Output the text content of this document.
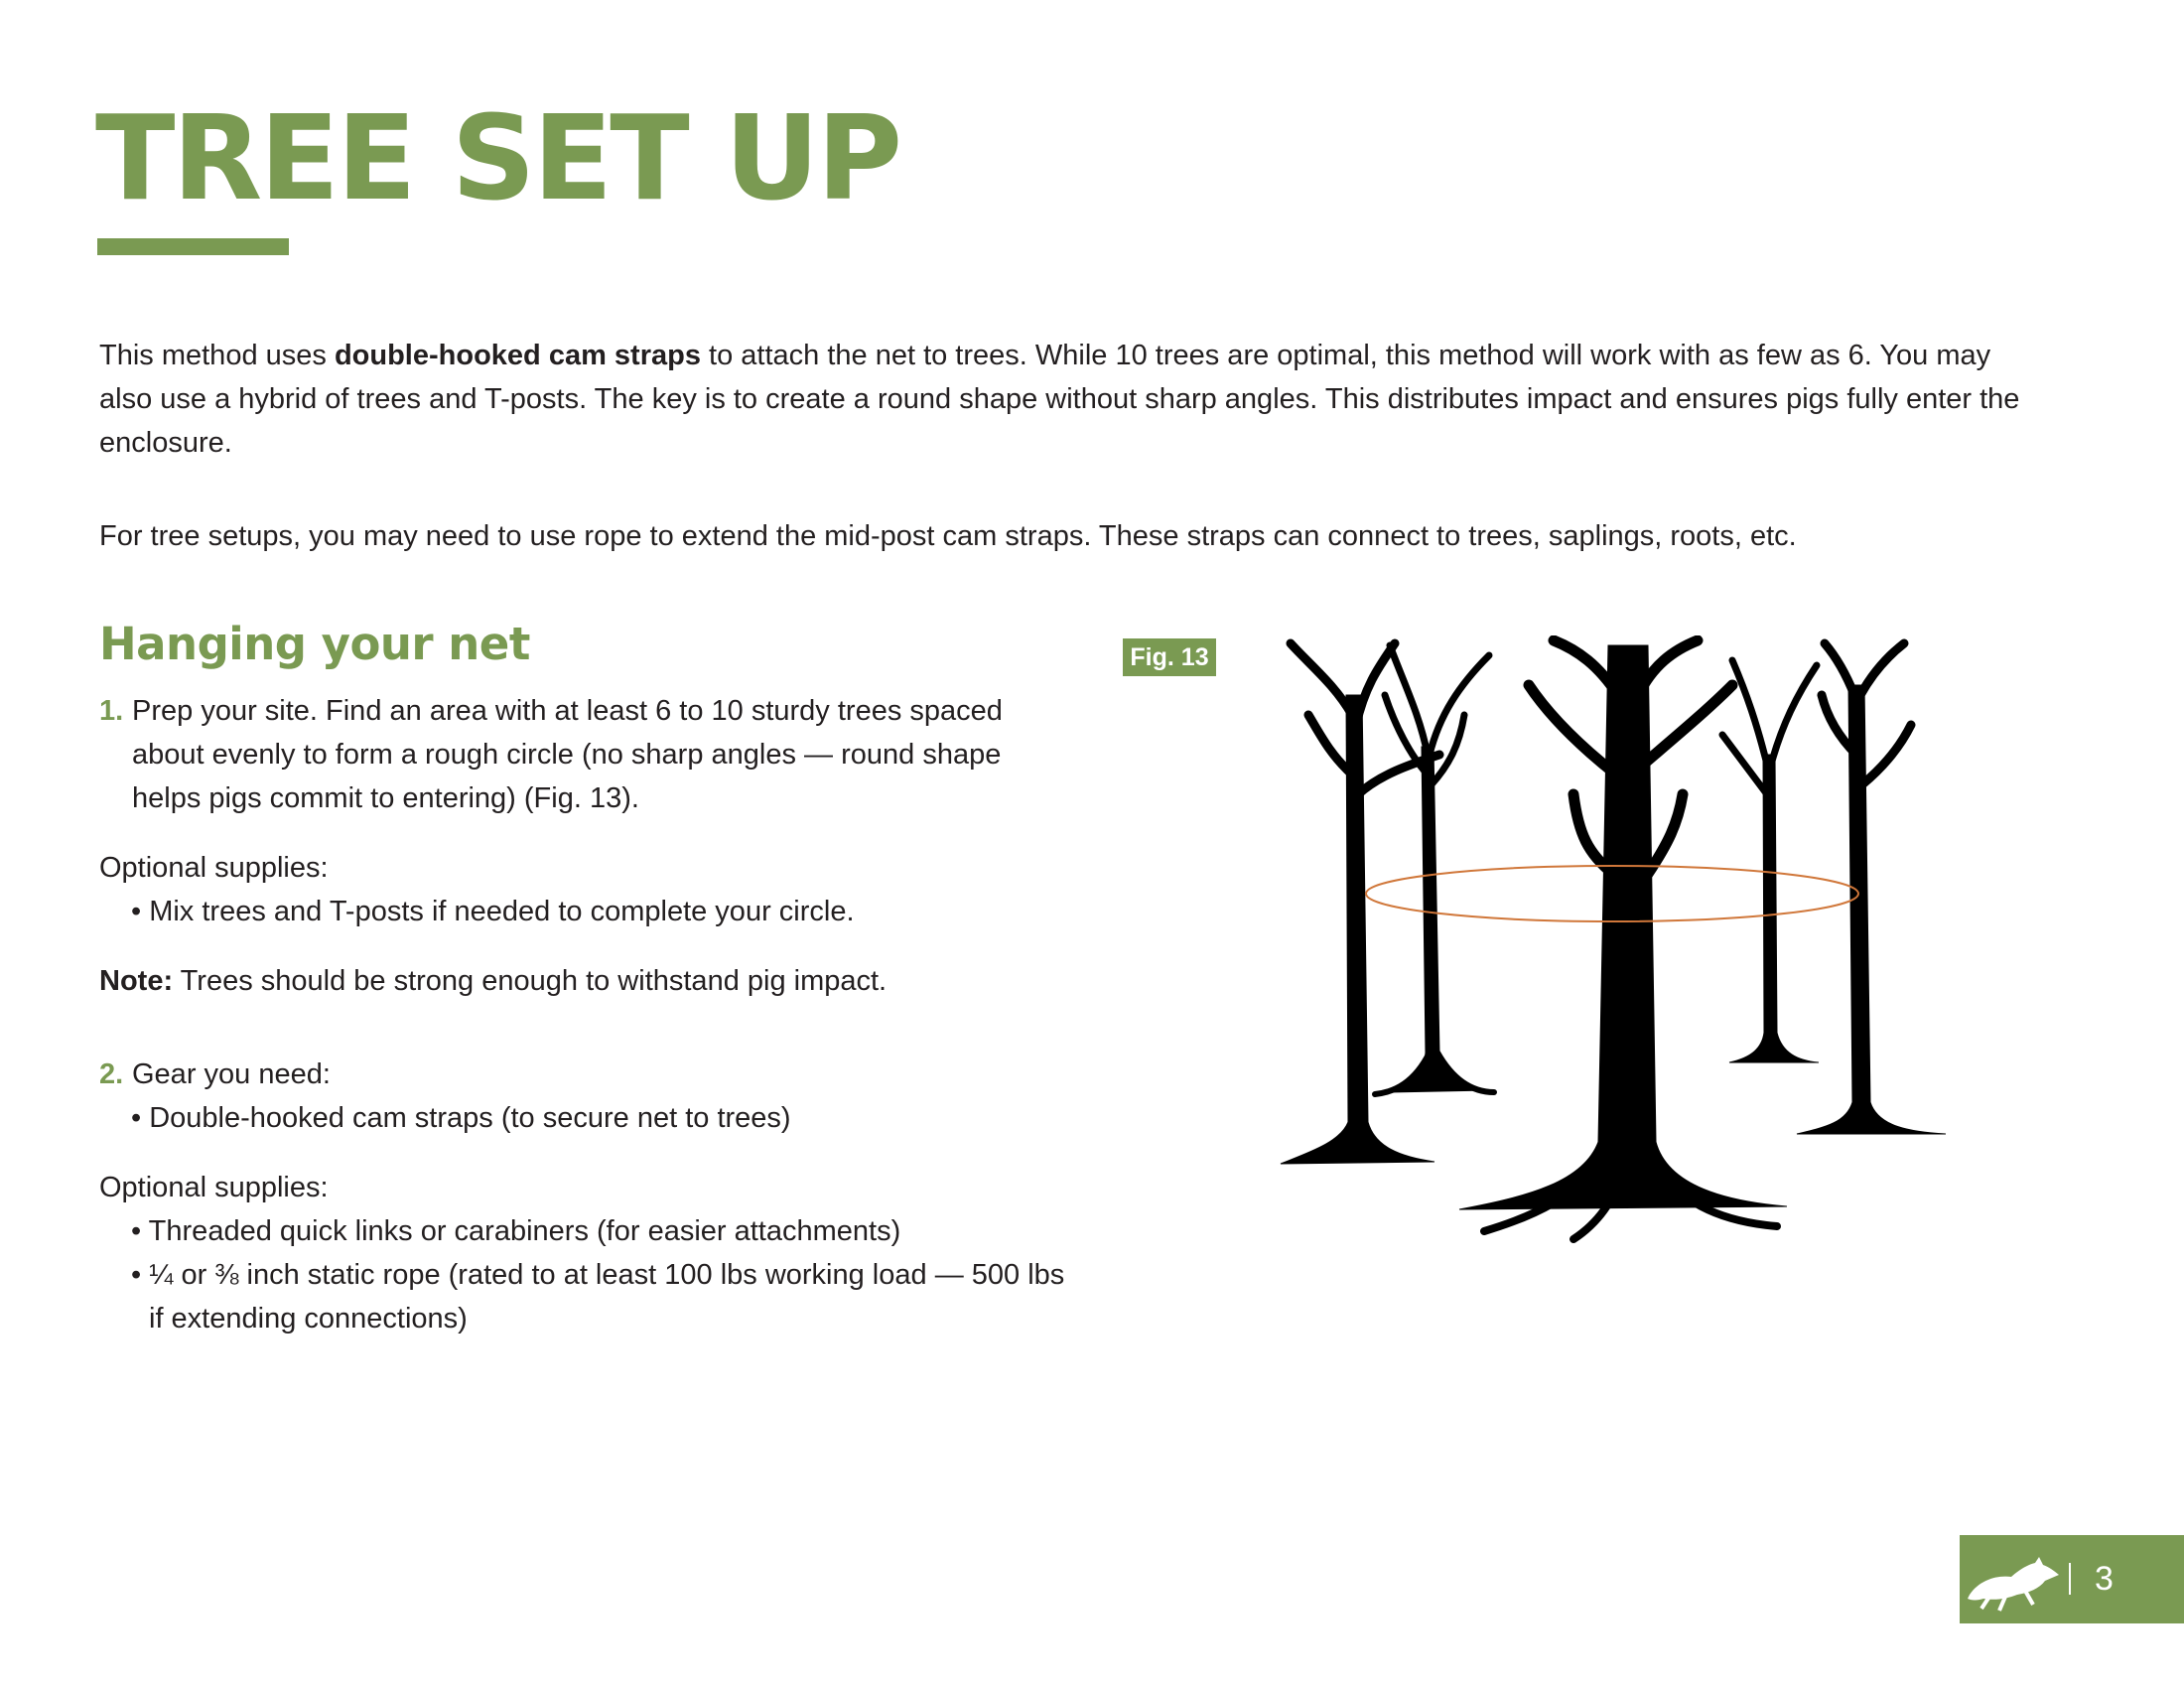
TREE SET UP

This method uses double-hooked cam straps to attach the net to trees. While 10 trees are optimal, this method will work with as few as 6. You may also use a hybrid of trees and T-posts. The key is to create a round shape without sharp angles. This distributes impact and ensures pigs fully enter the enclosure.

For tree setups, you may need to use rope to extend the mid-post cam straps. These straps can connect to trees, saplings, roots, etc.

Hanging your net

1. Prep your site. Find an area with at least 6 to 10 sturdy trees spaced about evenly to form a rough circle (no sharp angles — round shape helps pigs commit to entering) (Fig. 13).

Optional supplies:

• Mix trees and T-posts if needed to complete your circle.

Note: Trees should be strong enough to withstand pig impact.

2. Gear you need:

• Double-hooked cam straps (to secure net to trees)

Optional supplies:

• Threaded quick links or carabiners (for easier attachments)

• ¼ or ⅜ inch static rope (rated to at least 100 lbs working load — 500 lbs if extending connections)

Fig. 13
3
